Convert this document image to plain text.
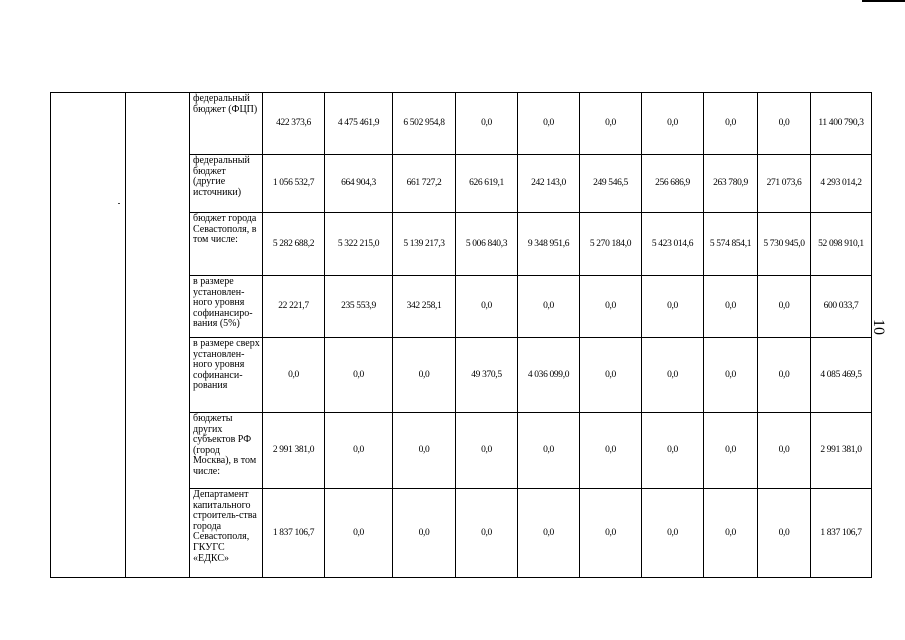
10
		федеральный бюджет (ФЦП)	422 373,6	4 475 461,9	6 502 954,8	0,0	0,0	0,0	0,0	0,0	0,0	11 400 790,3
		федеральный бюджет (другие источники)	1 056 532,7	664 904,3	661 727,2	626 619,1	242 143,0	249 546,5	256 686,9	263 780,9	271 073,6	4 293 014,2
		бюджет города Севастополя, в том числе:	5 282 688,2	5 322 215,0	5 139 217,3	5 006 840,3	9 348 951,6	5 270 184,0	5 423 014,6	5 574 854,1	5 730 945,0	52 098 910,1
		в размере установлен-ного уровня софинансиро-вания (5%)	22 221,7	235 553,9	342 258,1	0,0	0,0	0,0	0,0	0,0	0,0	600 033,7
		в размере сверх установлен-ного уровня софинанси-рования	0,0	0,0	0,0	49 370,5	4 036 099,0	0,0	0,0	0,0	0,0	4 085 469,5
		бюджеты других субъектов РФ (город Москва), в том числе:	2 991 381,0	0,0	0,0	0,0	0,0	0,0	0,0	0,0	0,0	2 991 381,0
		Департамент капитального строитель-ства города Севастополя, ГКУГС «ЕДКС»	1 837 106,7	0,0	0,0	0,0	0,0	0,0	0,0	0,0	0,0	1 837 106,7
